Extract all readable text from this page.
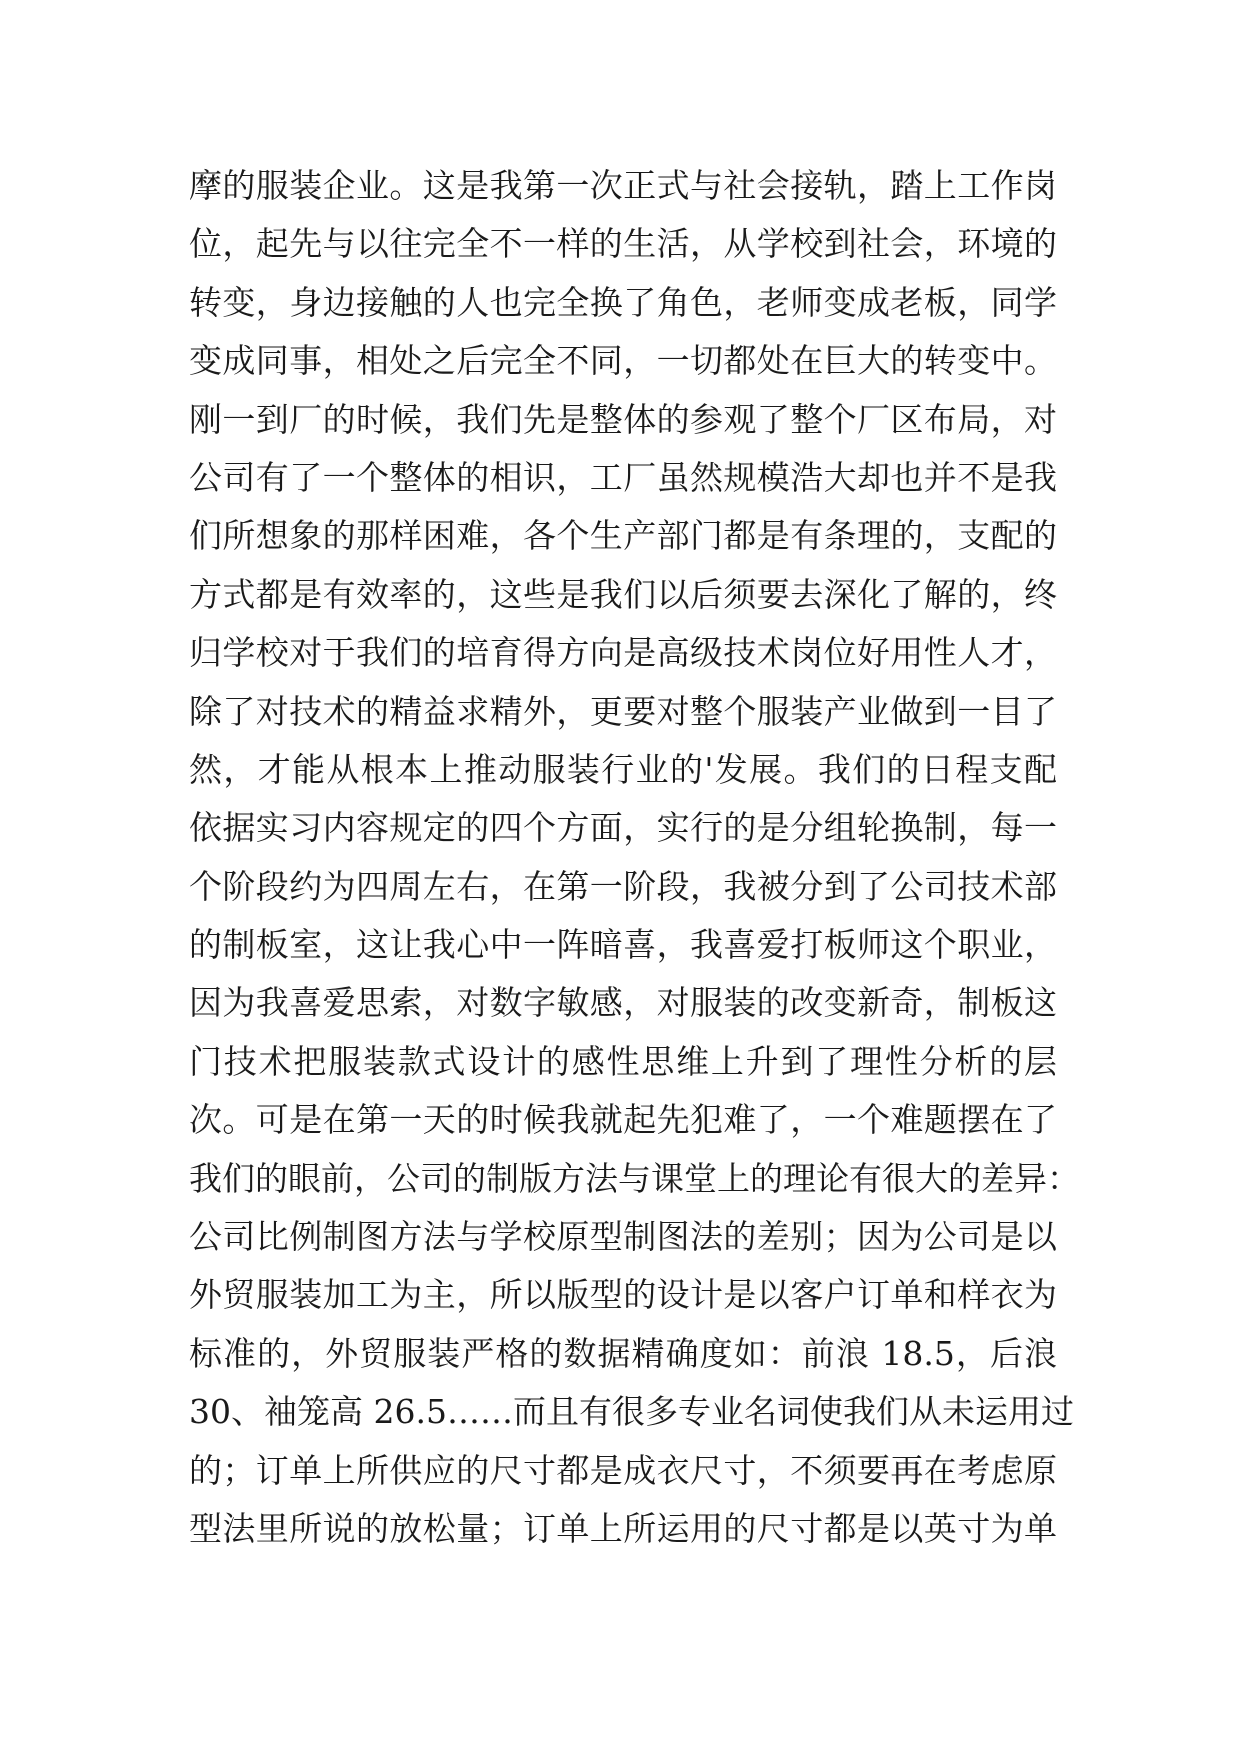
摩的服装企业。这是我第一次正式与社会接轨，踏上工作岗
位，起先与以往完全不一样的生活，从学校到社会，环境的
转变，身边接触的人也完全换了角色，老师变成老板，同学
变成同事，相处之后完全不同，一切都处在巨大的转变中。
刚一到厂的时候，我们先是整体的参观了整个厂区布局，对
公司有了一个整体的相识，工厂虽然规模浩大却也并不是我
们所想象的那样困难，各个生产部门都是有条理的，支配的
方式都是有效率的，这些是我们以后须要去深化了解的，终
归学校对于我们的培育得方向是高级技术岗位好用性人才，
除了对技术的精益求精外，更要对整个服装产业做到一目了
然，才能从根本上推动服装行业的'发展。我们的日程支配
依据实习内容规定的四个方面，实行的是分组轮换制，每一
个阶段约为四周左右，在第一阶段，我被分到了公司技术部
的制板室，这让我心中一阵暗喜，我喜爱打板师这个职业，
因为我喜爱思索，对数字敏感，对服装的改变新奇，制板这
门技术把服装款式设计的感性思维上升到了理性分析的层
次。可是在第一天的时候我就起先犯难了，一个难题摆在了
我们的眼前，公司的制版方法与课堂上的理论有很大的差异：
公司比例制图方法与学校原型制图法的差别；因为公司是以
外贸服装加工为主，所以版型的设计是以客户订单和样衣为
标准的，外贸服装严格的数据精确度如：前浪 18.5，后浪
30、袖笼高 26.5……而且有很多专业名词使我们从未运用过
的；订单上所供应的尺寸都是成衣尺寸，不须要再在考虑原
型法里所说的放松量；订单上所运用的尺寸都是以英寸为单
